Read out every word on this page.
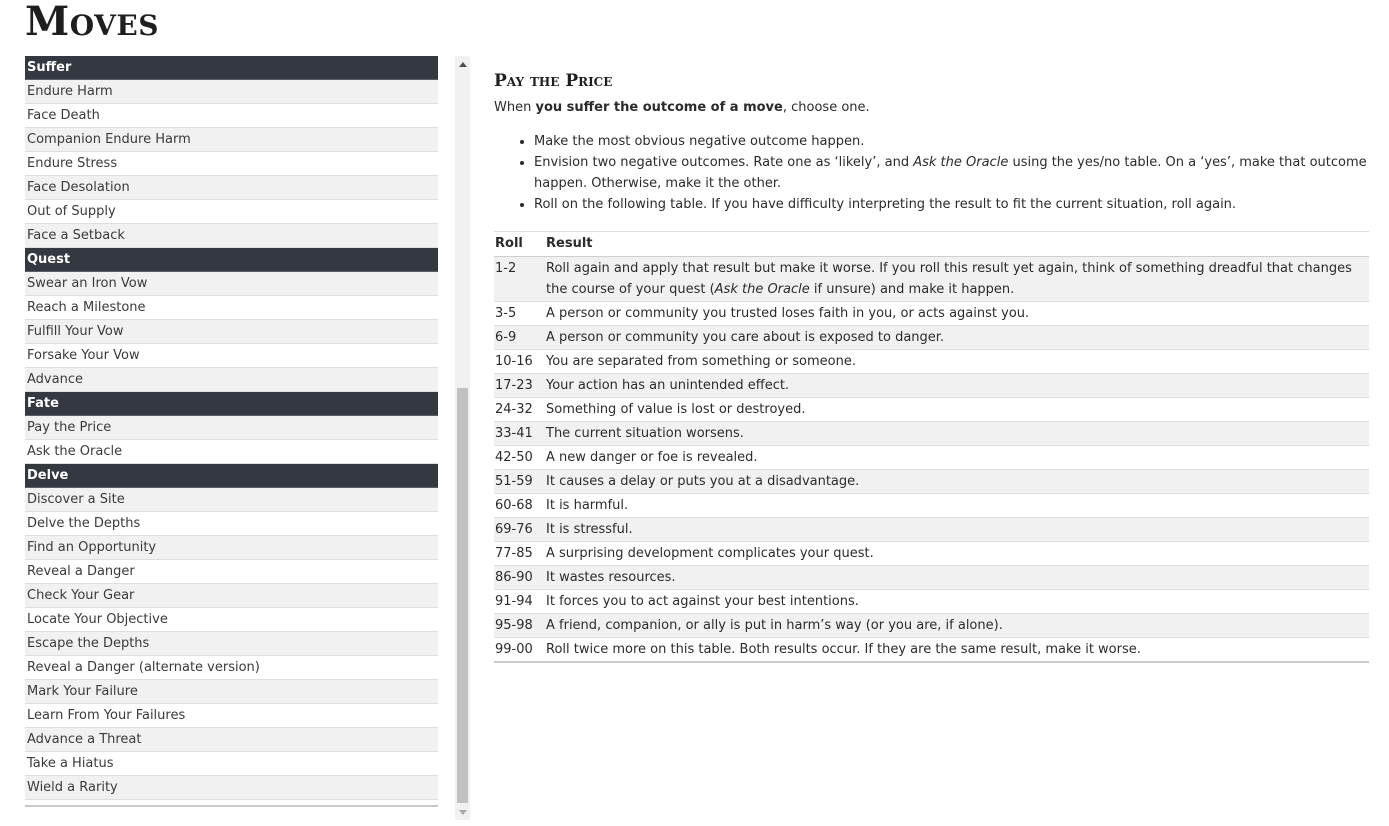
Moves
Suffer
Endure Harm
Face Death
Companion Endure Harm
Endure Stress
Face Desolation
Out of Supply
Face a Setback
Quest
Swear an Iron Vow
Reach a Milestone
Fulfill Your Vow
Forsake Your Vow
Advance
Fate
Pay the Price
Ask the Oracle
Delve
Discover a Site
Delve the Depths
Find an Opportunity
Reveal a Danger
Check Your Gear
Locate Your Objective
Escape the Depths
Reveal a Danger (alternate version)
Mark Your Failure
Learn From Your Failures
Advance a Threat
Take a Hiatus
Wield a Rarity
Pay the Price
When you suffer the outcome of a move, choose one.
• Make the most obvious negative outcome happen.
• Envision two negative outcomes. Rate one as ‘likely’, and Ask the Oracle using the yes/no table. On a ‘yes’, make that outcome happen. Otherwise, make it the other.
• Roll on the following table. If you have difficulty interpreting the result to fit the current situation, roll again.
Roll	Result
1-2	Roll again and apply that result but make it worse. If you roll this result yet again, think of something dreadful that changes the course of your quest (Ask the Oracle if unsure) and make it happen.
3-5	A person or community you trusted loses faith in you, or acts against you.
6-9	A person or community you care about is exposed to danger.
10-16	You are separated from something or someone.
17-23	Your action has an unintended effect.
24-32	Something of value is lost or destroyed.
33-41	The current situation worsens.
42-50	A new danger or foe is revealed.
51-59	It causes a delay or puts you at a disadvantage.
60-68	It is harmful.
69-76	It is stressful.
77-85	A surprising development complicates your quest.
86-90	It wastes resources.
91-94	It forces you to act against your best intentions.
95-98	A friend, companion, or ally is put in harm’s way (or you are, if alone).
99-00	Roll twice more on this table. Both results occur. If they are the same result, make it worse.
